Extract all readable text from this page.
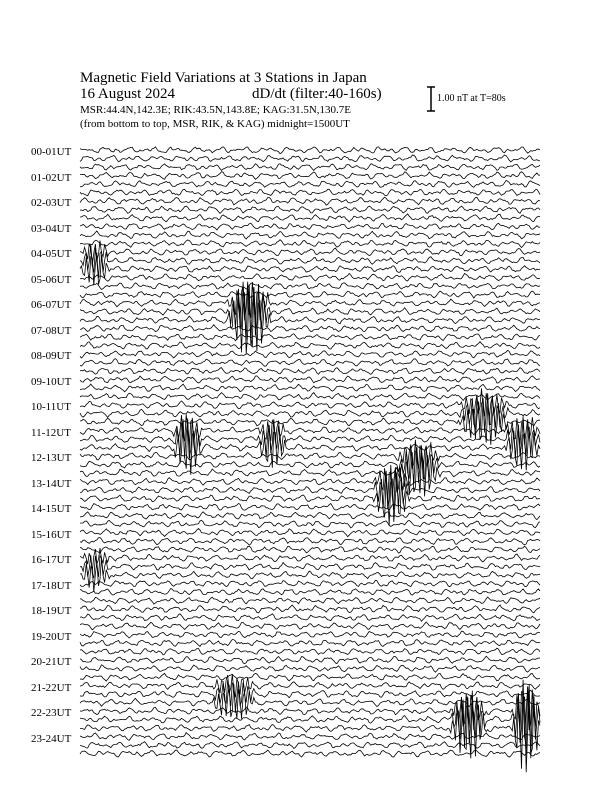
Magnetic Field Variations at 3 Stations in Japan
16 August 2024	dD/dt (filter:40-160s)
MSR:44.4N,142.3E; RIK:43.5N,143.8E; KAG:31.5N,130.7E
(from bottom to top, MSR, RIK, & KAG) midnight=1500UT
1.00 nT at T=80s
00-01UT
01-02UT
02-03UT
03-04UT
04-05UT
05-06UT
06-07UT
07-08UT
08-09UT
09-10UT
10-11UT
11-12UT
12-13UT
13-14UT
14-15UT
15-16UT
16-17UT
17-18UT
18-19UT
19-20UT
20-21UT
21-22UT
22-23UT
23-24UT
